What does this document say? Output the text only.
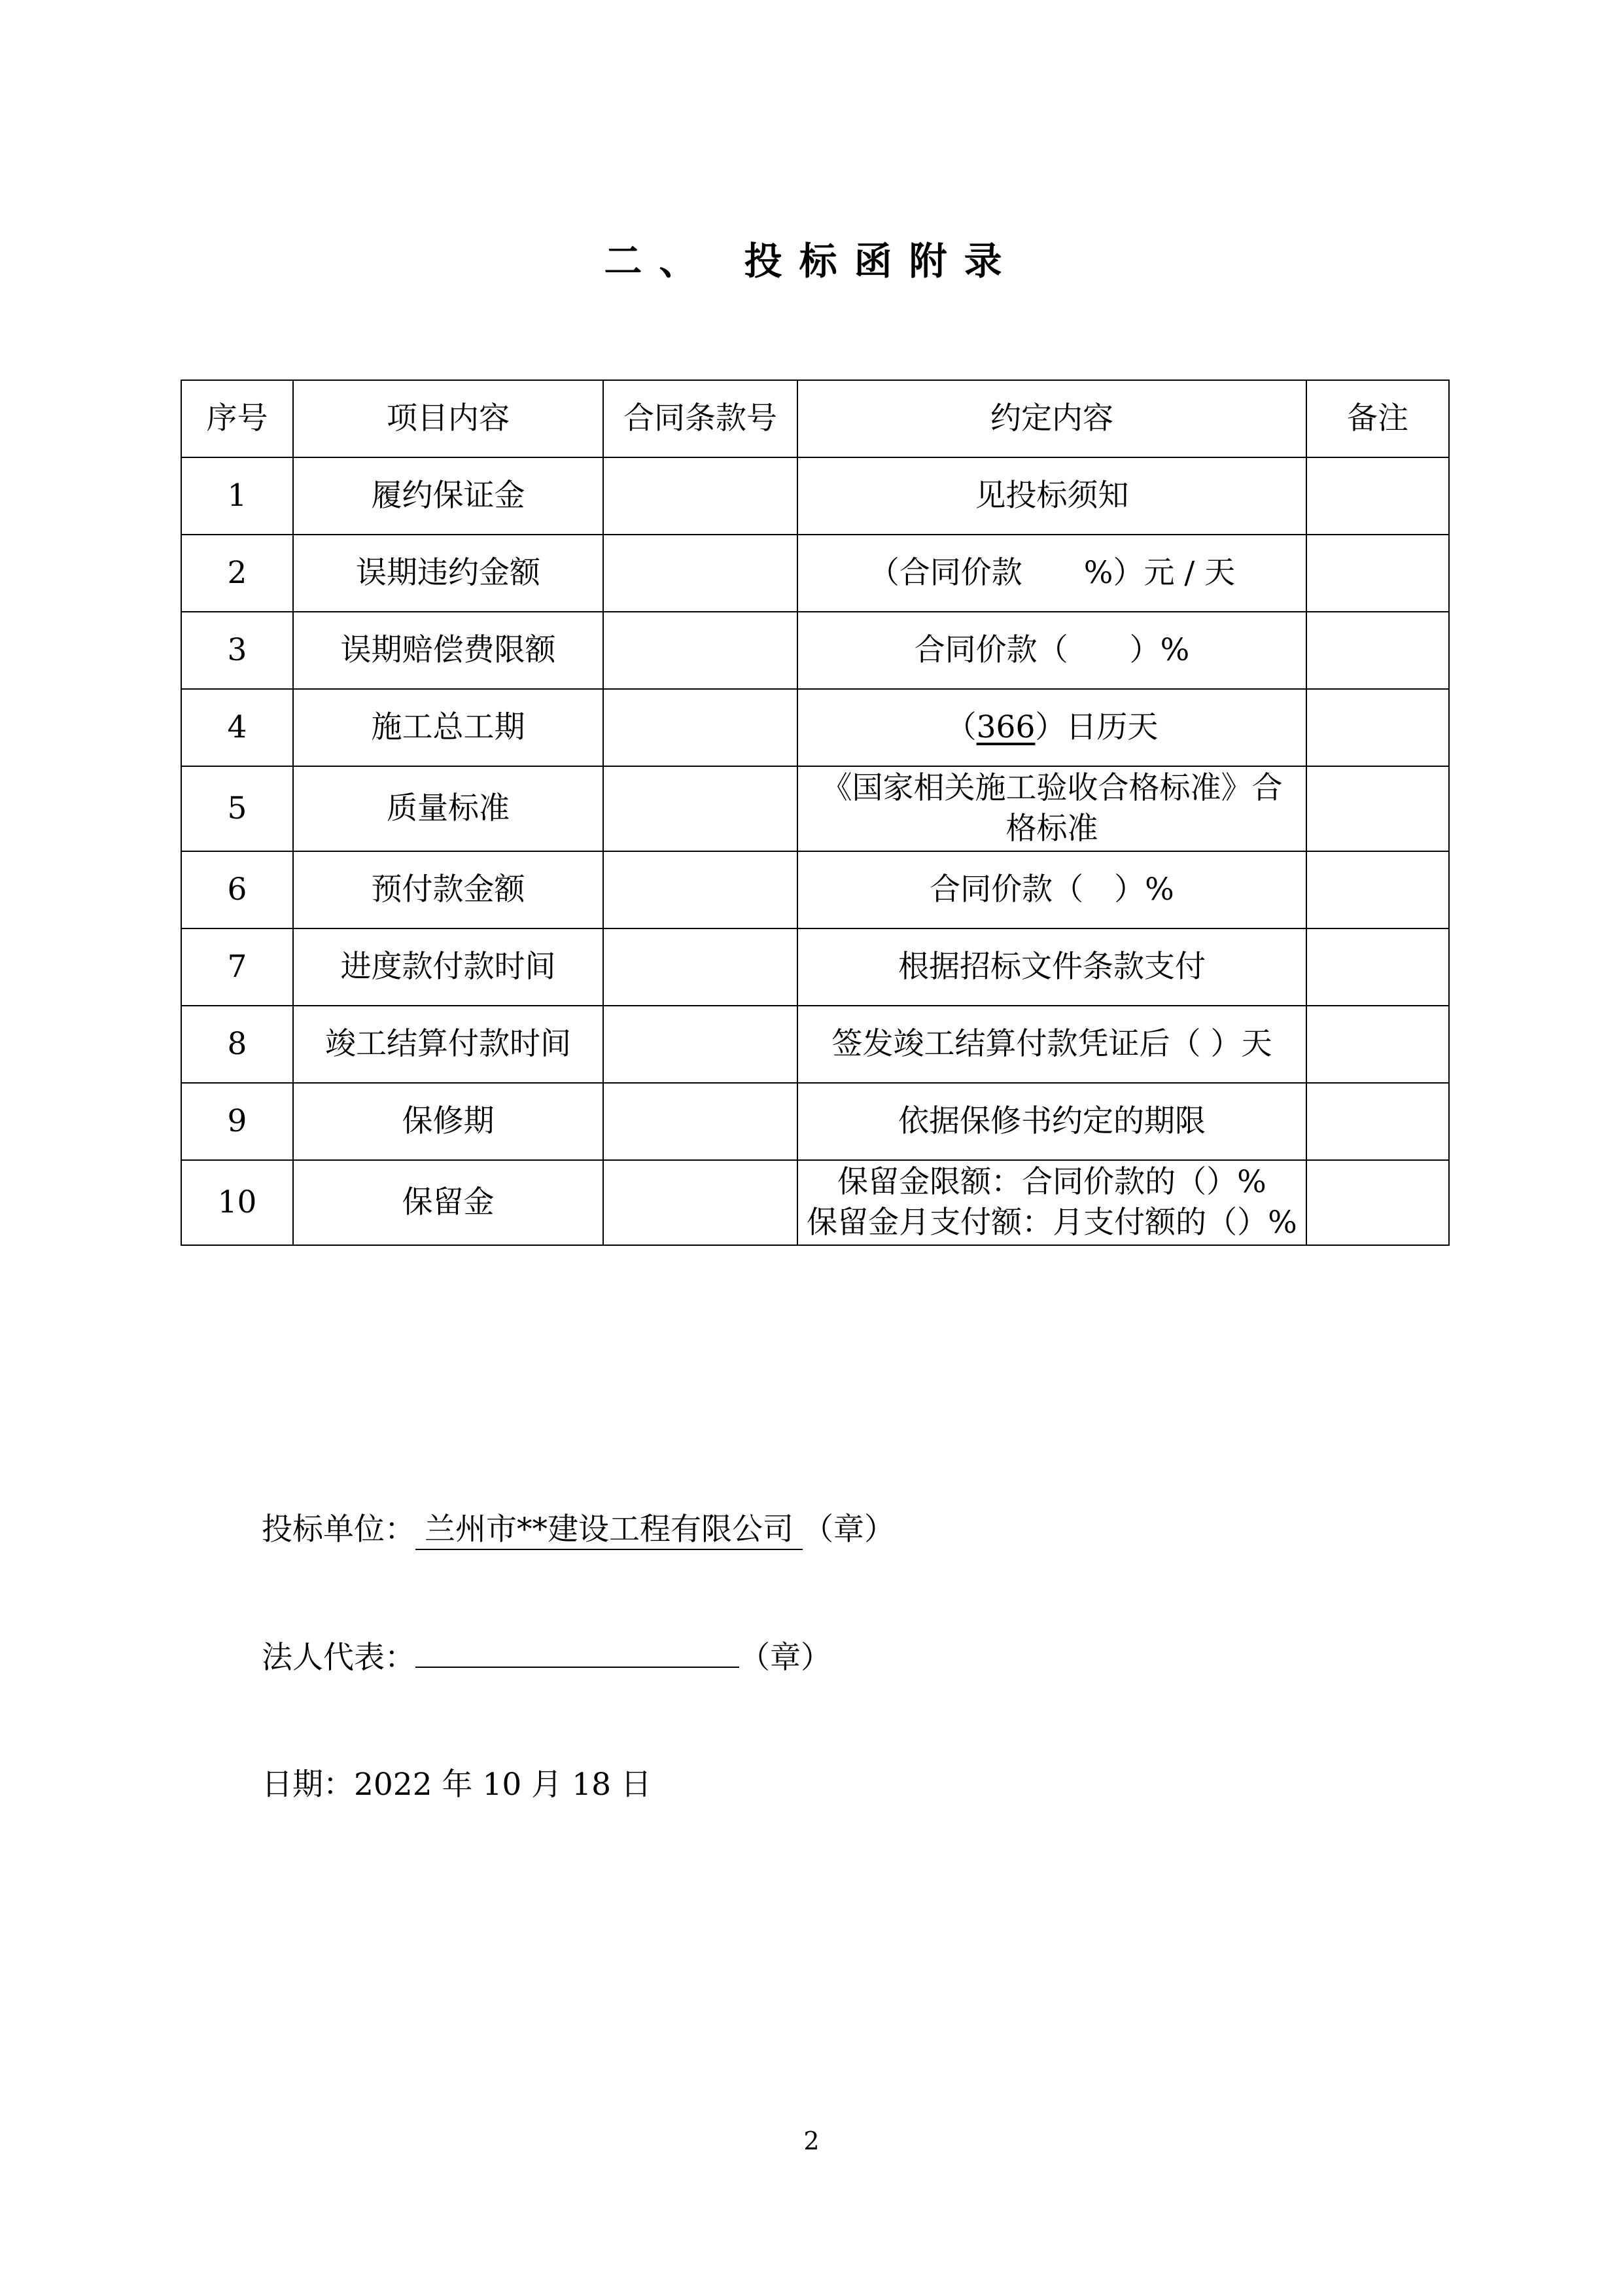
二、 投标函附录
序号	项目内容	合同条款号	约定内容	备注
1	履约保证金		见投标须知	
2	误期违约金额		（合同价款　　%）元 / 天	
3	误期赔偿费限额		合同价款（　　）%	
4	施工总工期		（366）日历天	
5	质量标准		《国家相关施工验收合格标准》合
格标准	

6	预付款金额		合同价款（　）%	
7	进度款付款时间		根据招标文件条款支付	
8	竣工结算付款时间		签发竣工结算付款凭证后（ ）天	
9	保修期		依据保修书约定的期限	
10	保留金		保留金限额：合同价款的（）%
保留金月支付额：月支付额的（）%	

投标单位： 兰州市**建设工程有限公司 （章）
法人代表：	（章）
日期：2022 年 10 月 18 日
2
